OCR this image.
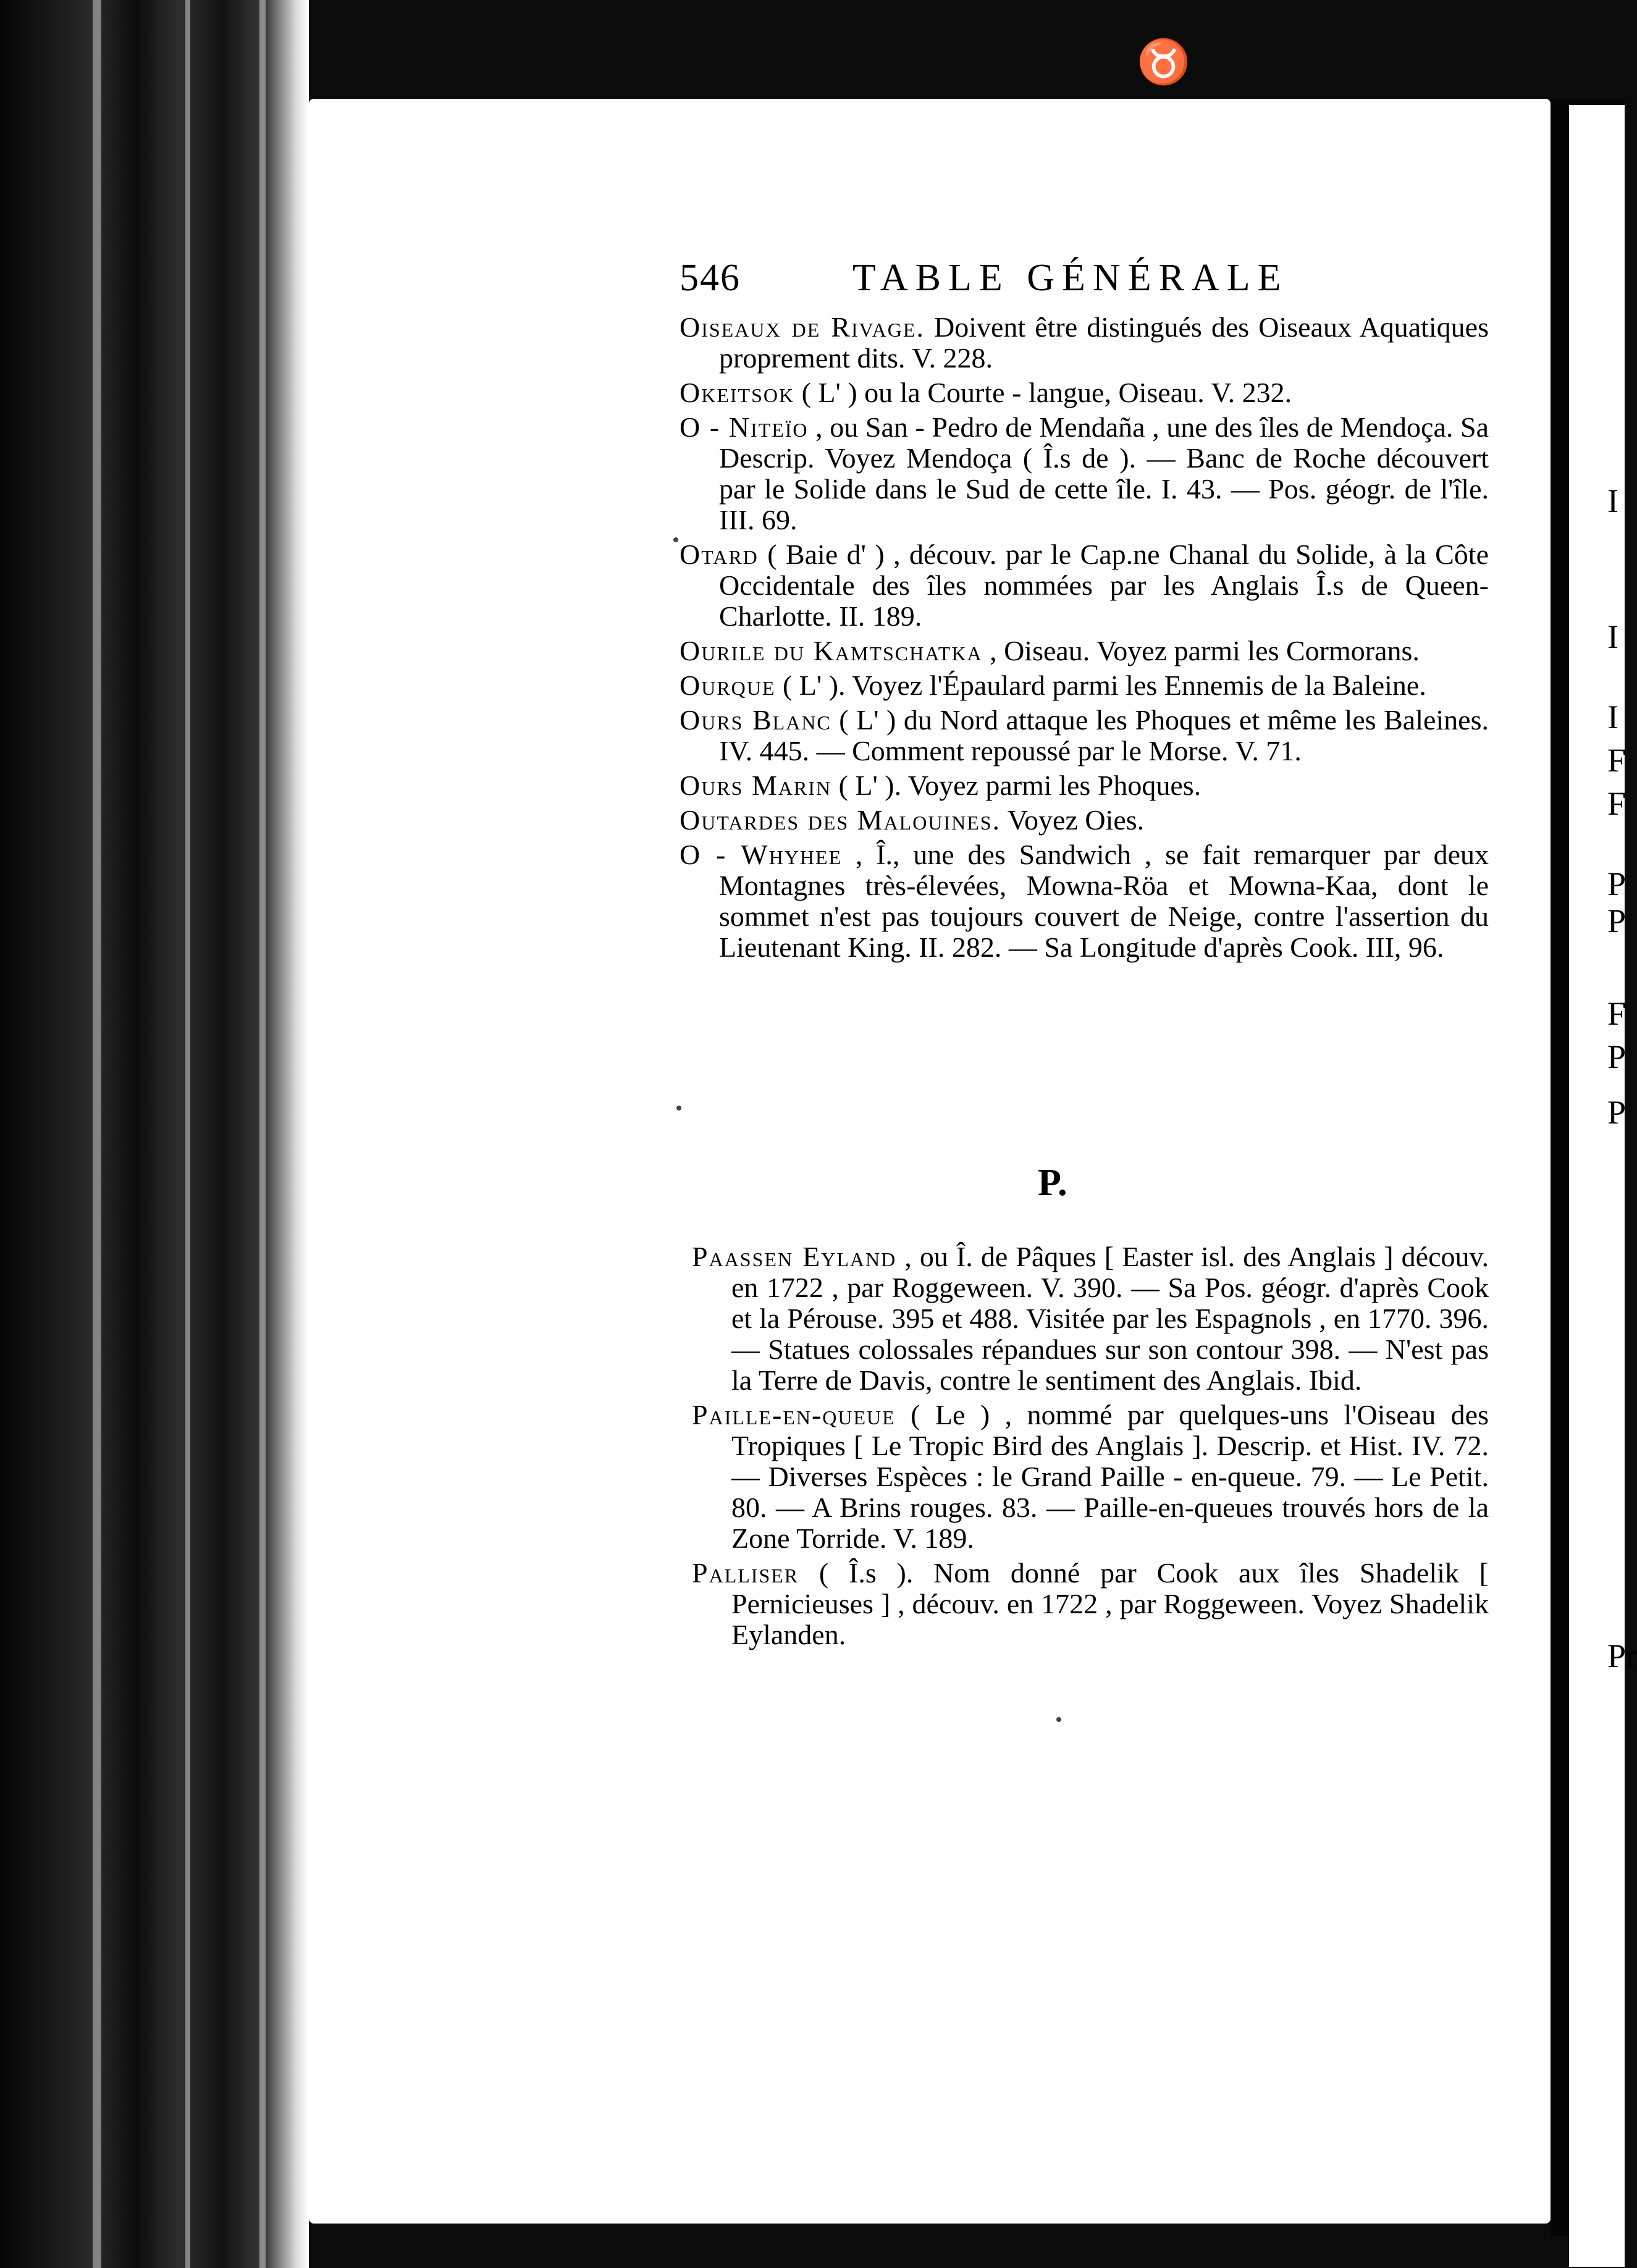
♉
I
I
I
F
F
P
P
F
P
P
Pr
546	TABLE GÉNÉRALE
Oiseaux de Rivage. Doivent être distingués des Oiseaux Aquatiques proprement dits. V. 228.
Okeitsok ( L' ) ou la Courte - langue, Oiseau. V. 232.
O - Niteïo , ou San - Pedro de Mendaña , une des îles de Mendoça. Sa Descrip. Voyez Mendoça ( Î.s de ). — Banc de Roche découvert par le Solide dans le Sud de cette île. I. 43. — Pos. géogr. de l'île. III. 69.
Otard ( Baie d' ) , découv. par le Cap.ne Chanal du Solide, à la Côte Occidentale des îles nommées par les Anglais Î.s de Queen-Charlotte. II. 189.
Ourile du Kamtschatka , Oiseau. Voyez parmi les Cormorans.
Ourque ( L' ). Voyez l'Épaulard parmi les Ennemis de la Baleine.
Ours Blanc ( L' ) du Nord attaque les Phoques et même les Baleines. IV. 445. — Comment repoussé par le Morse. V. 71.
Ours Marin ( L' ). Voyez parmi les Phoques.
Outardes des Malouines. Voyez Oies.
O - Whyhee , Î., une des Sandwich , se fait remarquer par deux Montagnes très-élevées, Mowna-Röa et Mowna-Kaa, dont le sommet n'est pas toujours couvert de Neige, contre l'assertion du Lieutenant King. II. 282. — Sa Longitude d'après Cook. III, 96.
P.
Paassen Eyland , ou Î. de Pâques [ Easter isl. des Anglais ] découv. en 1722 , par Roggeween. V. 390. — Sa Pos. géogr. d'après Cook et la Pérouse. 395 et 488. Visitée par les Espagnols , en 1770. 396. — Statues colossales répandues sur son contour 398. — N'est pas la Terre de Davis, contre le sentiment des Anglais. Ibid.
Paille-en-queue ( Le ) , nommé par quelques-uns l'Oiseau des Tropiques [ Le Tropic Bird des Anglais ]. Descrip. et Hist. IV. 72. — Diverses Espèces : le Grand Paille - en-queue. 79. — Le Petit. 80. — A Brins rouges. 83. — Paille-en-queues trouvés hors de la Zone Torride. V. 189.
Palliser ( Î.s ). Nom donné par Cook aux îles Shadelik [ Pernicieuses ] , découv. en 1722 , par Roggeween. Voyez Shadelik Eylanden.
